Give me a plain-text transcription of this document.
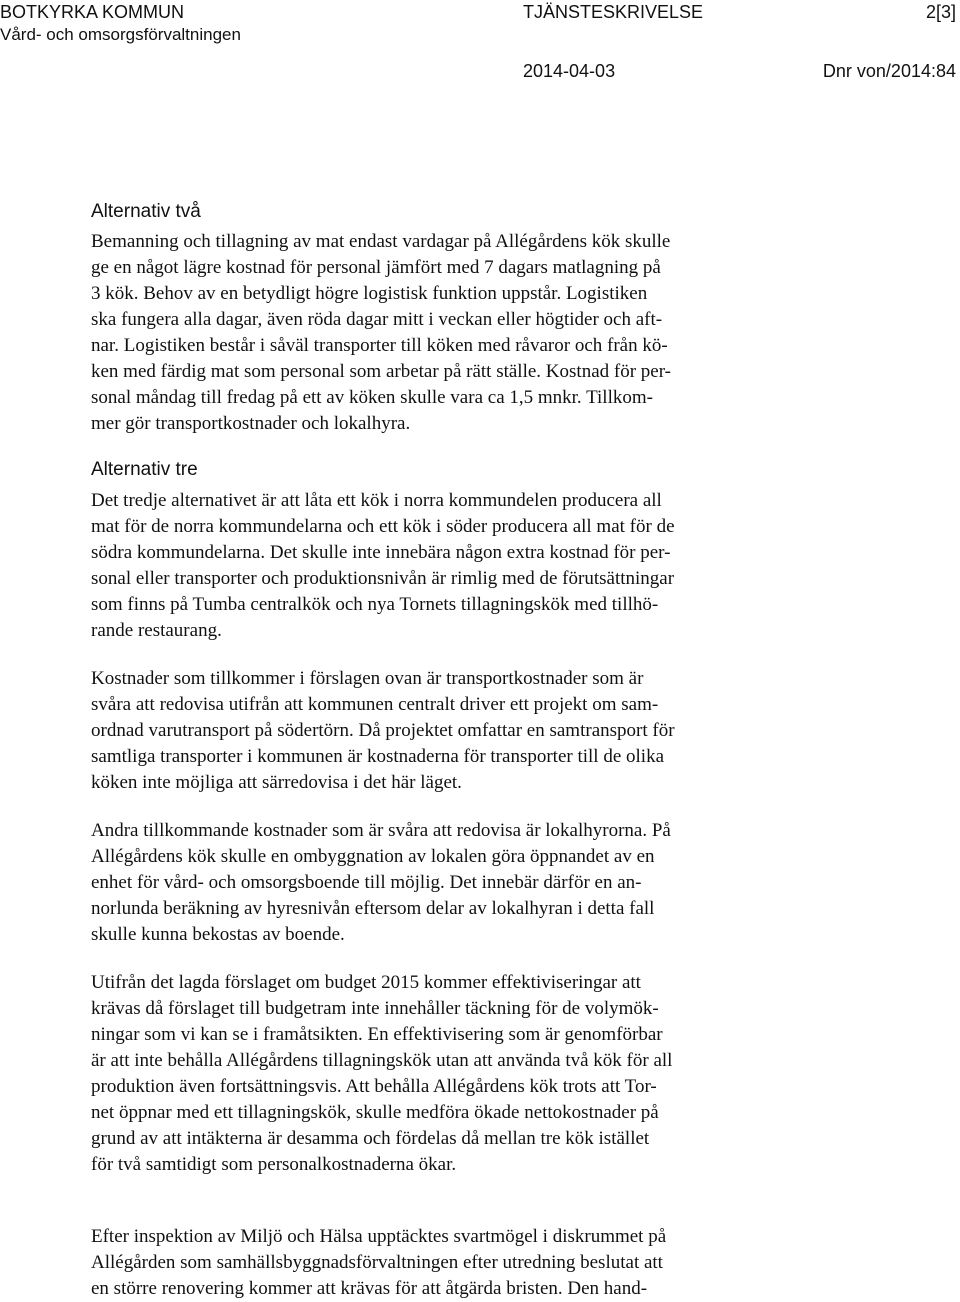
BOTKYRKA KOMMUN
Vård- och omsorgsförvaltningen
TJÄNSTESKRIVELSE	2[3]
2014-04-03	Dnr von/2014:84
Alternativ två
Bemanning och tillagning av mat endast vardagar på Allégårdens kök skulle
ge en något lägre kostnad för personal jämfört med 7 dagars matlagning på
3 kök. Behov av en betydligt högre logistisk funktion uppstår. Logistiken
ska fungera alla dagar, även röda dagar mitt i veckan eller högtider och aft-
nar. Logistiken består i såväl transporter till köken med råvaror och från kö-
ken med färdig mat som personal som arbetar på rätt ställe. Kostnad för per-
sonal måndag till fredag på ett av köken skulle vara ca 1,5 mnkr. Tillkom-
mer gör transportkostnader och lokalhyra.
Alternativ tre
Det tredje alternativet är att låta ett kök i norra kommundelen producera all
mat för de norra kommundelarna och ett kök i söder producera all mat för de
södra kommundelarna. Det skulle inte innebära någon extra kostnad för per-
sonal eller transporter och produktionsnivån är rimlig med de förutsättningar
som finns på Tumba centralkök och nya Tornets tillagningskök med tillhö-
rande restaurang.
Kostnader som tillkommer i förslagen ovan är transportkostnader som är
svåra att redovisa utifrån att kommunen centralt driver ett projekt om sam-
ordnad varutransport på södertörn. Då projektet omfattar en samtransport för
samtliga transporter i kommunen är kostnaderna för transporter till de olika
köken inte möjliga att särredovisa i det här läget.
Andra tillkommande kostnader som är svåra att redovisa är lokalhyrorna. På
Allégårdens kök skulle en ombyggnation av lokalen göra öppnandet av en
enhet för vård- och omsorgsboende till möjlig. Det innebär därför en an-
norlunda beräkning av hyresnivån eftersom delar av lokalhyran i detta fall
skulle kunna bekostas av boende.
Utifrån det lagda förslaget om budget 2015 kommer effektiviseringar att
krävas då förslaget till budgetram inte innehåller täckning för de volymök-
ningar som vi kan se i framåtsikten. En effektivisering som är genomförbar
är att inte behålla Allégårdens tillagningskök utan att använda två kök för all
produktion även fortsättningsvis. Att behålla Allégårdens kök trots att Tor-
net öppnar med ett tillagningskök, skulle medföra ökade nettokostnader på
grund av att intäkterna är desamma och fördelas då mellan tre kök istället
för två samtidigt som personalkostnaderna ökar.
Efter inspektion av Miljö och Hälsa upptäcktes svartmögel i diskrummet på
Allégården som samhällsbyggnadsförvaltningen efter utredning beslutat att
en större renovering kommer att krävas för att åtgärda bristen. Den hand-
